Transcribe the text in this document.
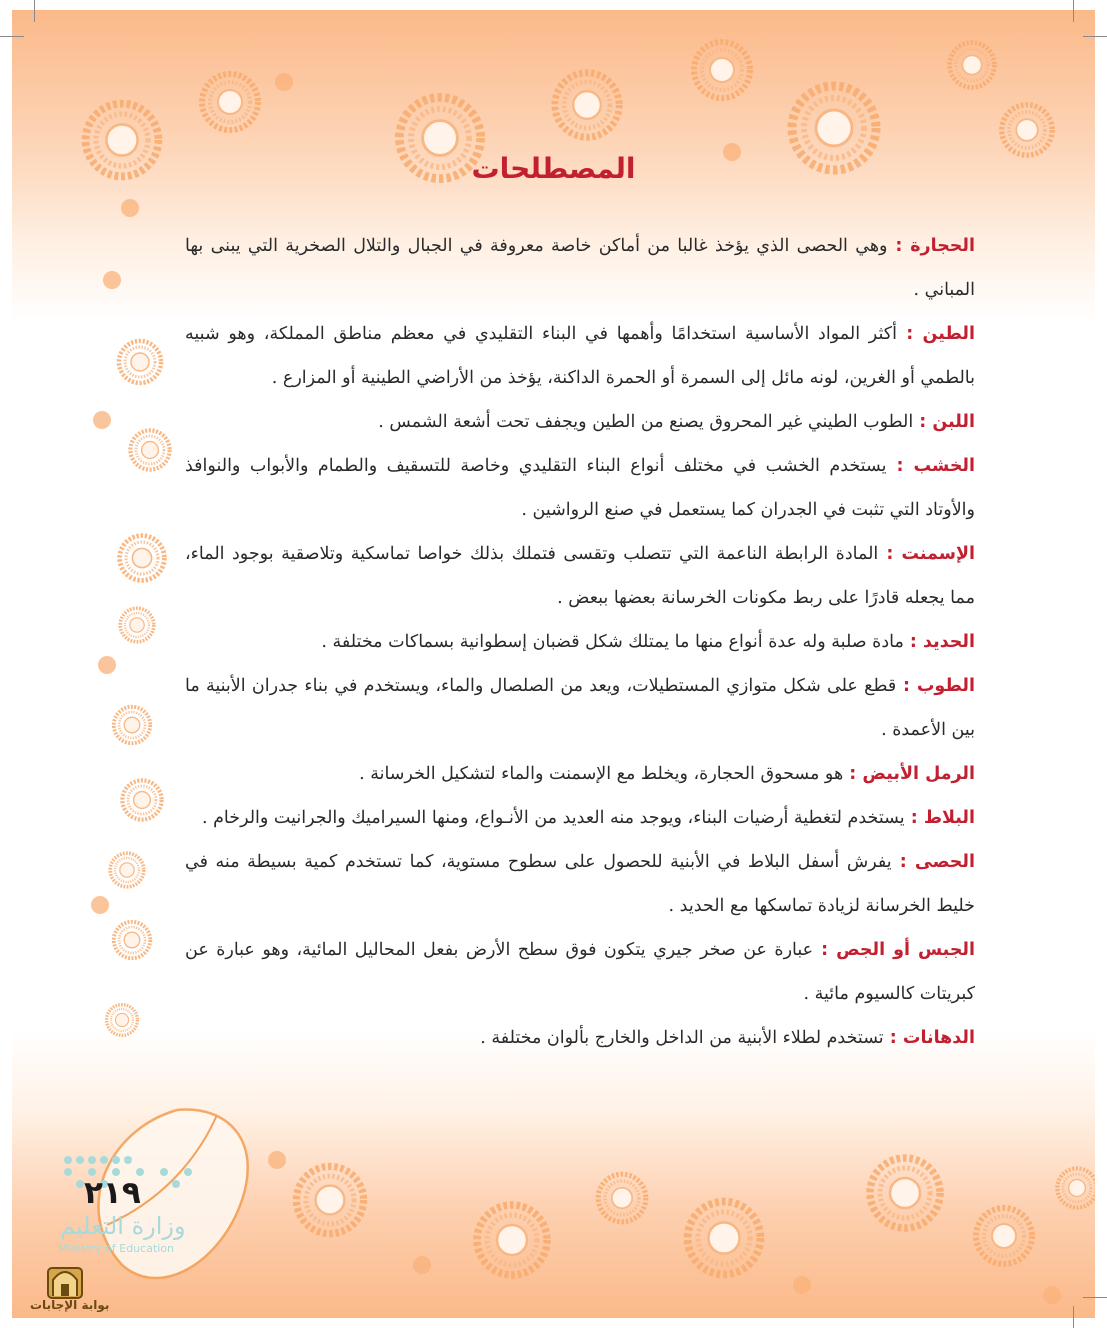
المصطلحات

الحجارة : وهي الحصى الذي يؤخذ غالبا من أماكن خاصة معروفة في الجبال والتلال الصخرية التي يبنى بها المباني .

الطين : أكثر المواد الأساسية استخدامًا وأهمها في البناء التقليدي في معظم مناطق المملكة، وهو شبيه بالطمي أو الغرين، لونه مائل إلى السمرة أو الحمرة الداكنة، يؤخذ من الأراضي الطينية أو المزارع .

اللبن : الطوب الطيني غير المحروق يصنع من الطين ويجفف تحت أشعة الشمس .

الخشب : يستخدم الخشب في مختلف أنواع البناء التقليدي وخاصة للتسقيف والطمام والأبواب والنوافذ والأوتاد التي تثبت في الجدران كما يستعمل في صنع الرواشين .

الإسمنت : المادة الرابطة الناعمة التي تتصلب وتقسى فتملك بذلك خواصا تماسكية وتلاصقية بوجود الماء، مما يجعله قادرًا على ربط مكونات الخرسانة بعضها ببعض .

الحديد : مادة صلبة وله عدة أنواع منها ما يمتلك شكل قضبان إسطوانية بسماكات مختلفة .

الطوب : قطع على شكل متوازي المستطيلات، ويعد من الصلصال والماء، ويستخدم في بناء جدران الأبنية ما بين الأعمدة .

الرمل الأبيض : هو مسحوق الحجارة، ويخلط مع الإسمنت والماء لتشكيل الخرسانة .

البلاط : يستخدم لتغطية أرضيات البناء، ويوجد منه العديد من الأنـواع، ومنها السيراميك والجرانيت والرخام .

الحصى : يفرش أسفل البلاط في الأبنية للحصول على سطوح مستوية، كما تستخدم كمية بسيطة منه في خليط الخرسانة لزيادة تماسكها مع الحديد .

الجبس أو الجص : عبارة عن صخر جيري يتكون فوق سطح الأرض بفعل المحاليل المائية، وهو عبارة عن كبريتات كالسيوم مائية .

الدهانات : تستخدم لطلاء الأبنية من الداخل والخارج بألوان مختلفة .

٢١٩
وزارة التعليم
Ministry of Education
بوابة الإجابات
